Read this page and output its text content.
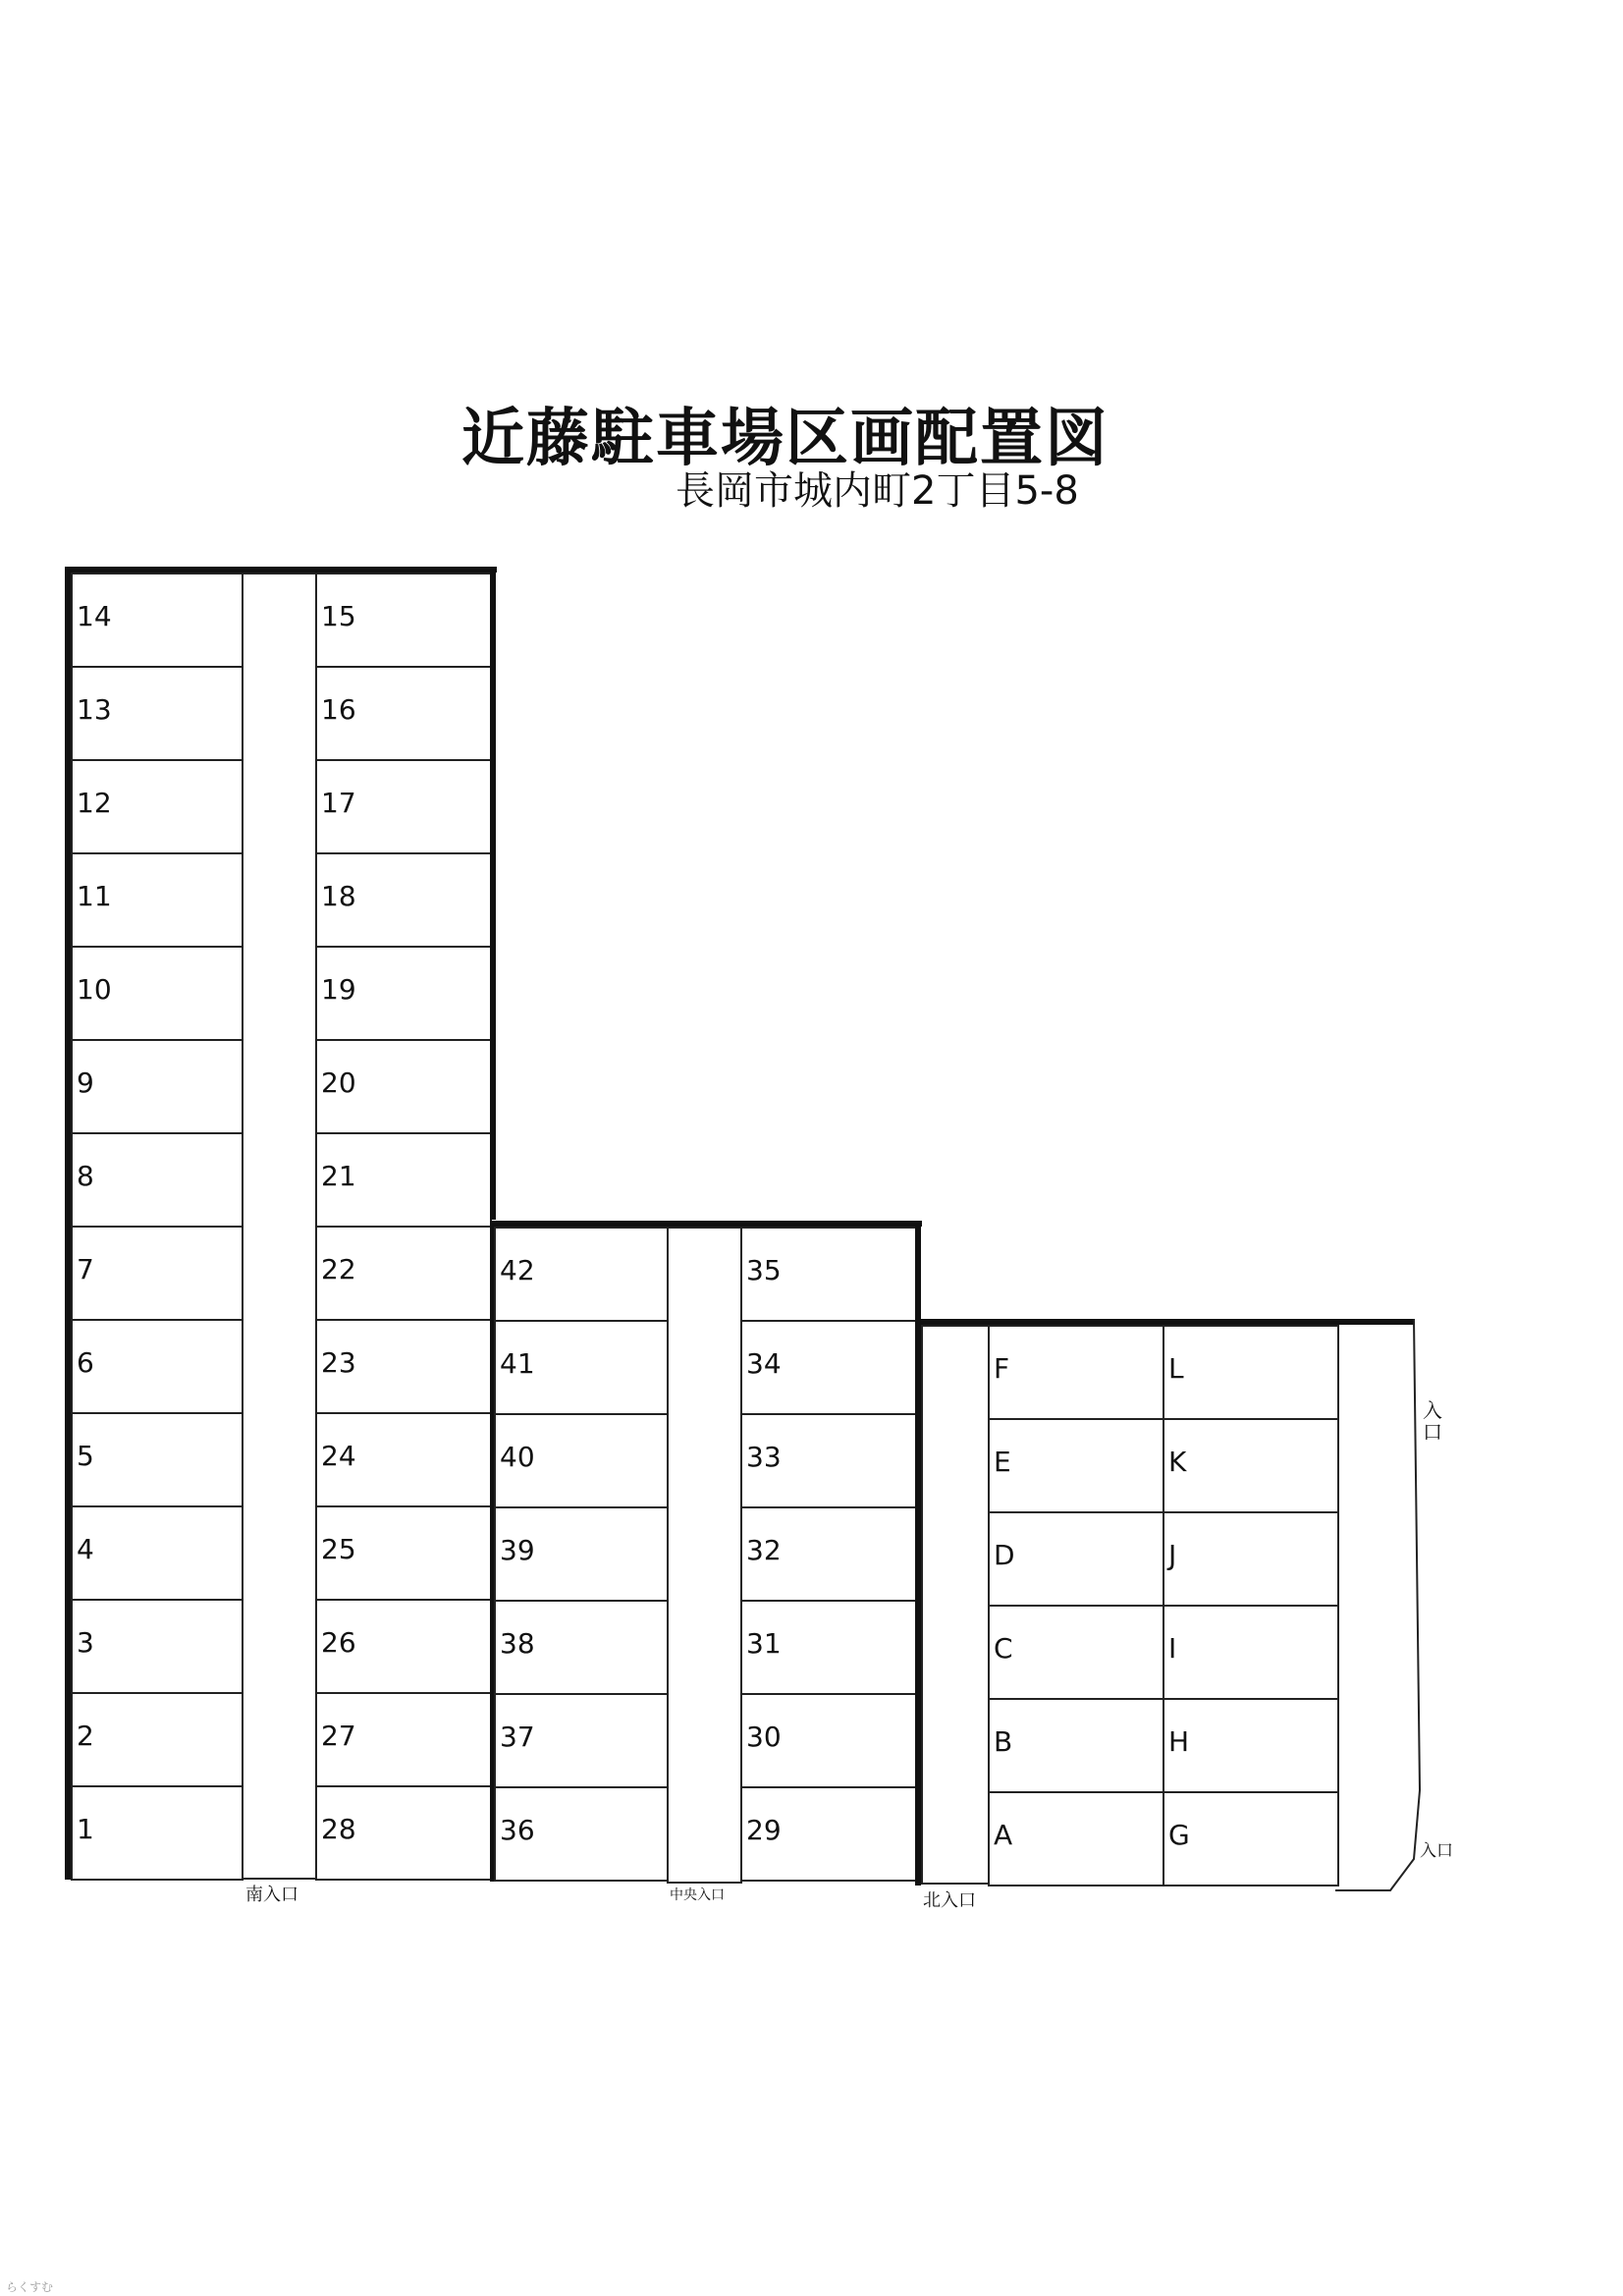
近藤駐車場区画配置図
長岡市城内町2丁目5-8
14
13
12
11
10
9
8
7
6
5
4
3
2
1
15
16
17
18
19
20
21
22
23
24
25
26
27
28
42
41
40
39
38
37
36
35
34
33
32
31
30
29
F
E
D
C
B
A
L
K
J
I
H
G
南入口	中央入口	北入口
入口
入口
らくすむ
